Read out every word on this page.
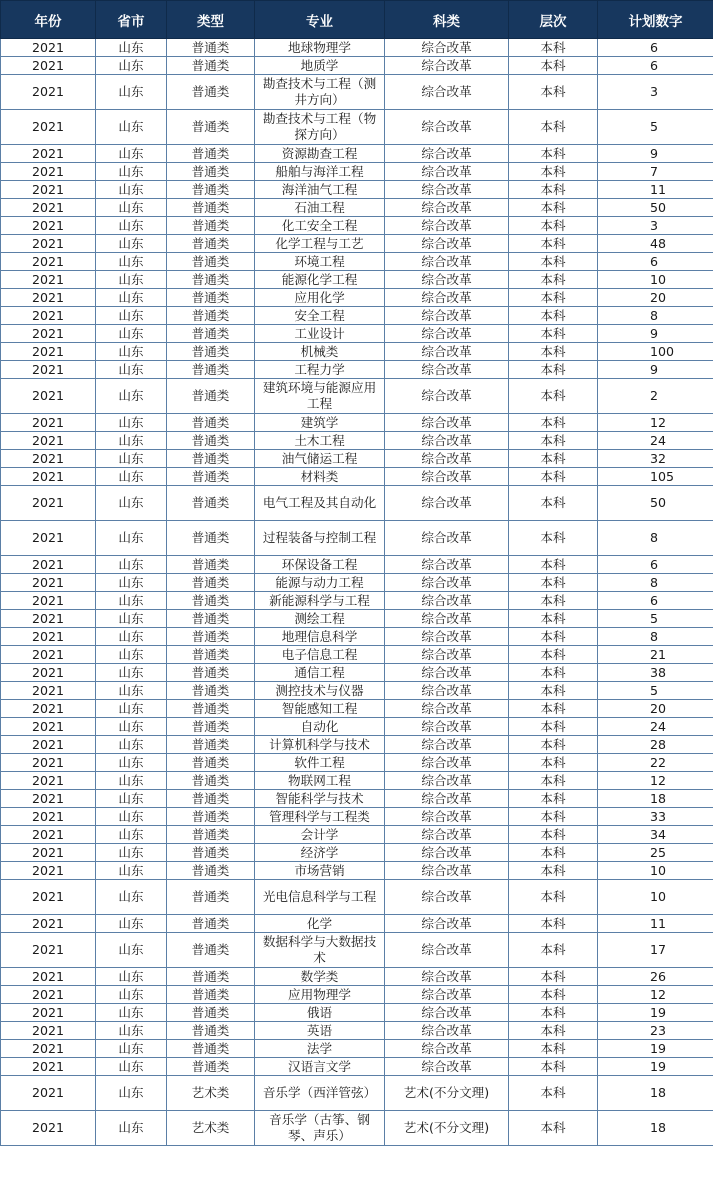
年份	省市	类型	专业	科类	层次	计划数字
2021	山东	普通类	地球物理学	综合改革	本科	6
2021	山东	普通类	地质学	综合改革	本科	6
2021	山东	普通类	勘查技术与工程（测井方向）	综合改革	本科	3
2021	山东	普通类	勘查技术与工程（物探方向）	综合改革	本科	5
2021	山东	普通类	资源勘查工程	综合改革	本科	9
2021	山东	普通类	船舶与海洋工程	综合改革	本科	7
2021	山东	普通类	海洋油气工程	综合改革	本科	11
2021	山东	普通类	石油工程	综合改革	本科	50
2021	山东	普通类	化工安全工程	综合改革	本科	3
2021	山东	普通类	化学工程与工艺	综合改革	本科	48
2021	山东	普通类	环境工程	综合改革	本科	6
2021	山东	普通类	能源化学工程	综合改革	本科	10
2021	山东	普通类	应用化学	综合改革	本科	20
2021	山东	普通类	安全工程	综合改革	本科	8
2021	山东	普通类	工业设计	综合改革	本科	9
2021	山东	普通类	机械类	综合改革	本科	100
2021	山东	普通类	工程力学	综合改革	本科	9
2021	山东	普通类	建筑环境与能源应用工程	综合改革	本科	2
2021	山东	普通类	建筑学	综合改革	本科	12
2021	山东	普通类	土木工程	综合改革	本科	24
2021	山东	普通类	油气储运工程	综合改革	本科	32
2021	山东	普通类	材料类	综合改革	本科	105
2021	山东	普通类	电气工程及其自动化	综合改革	本科	50
2021	山东	普通类	过程装备与控制工程	综合改革	本科	8
2021	山东	普通类	环保设备工程	综合改革	本科	6
2021	山东	普通类	能源与动力工程	综合改革	本科	8
2021	山东	普通类	新能源科学与工程	综合改革	本科	6
2021	山东	普通类	测绘工程	综合改革	本科	5
2021	山东	普通类	地理信息科学	综合改革	本科	8
2021	山东	普通类	电子信息工程	综合改革	本科	21
2021	山东	普通类	通信工程	综合改革	本科	38
2021	山东	普通类	测控技术与仪器	综合改革	本科	5
2021	山东	普通类	智能感知工程	综合改革	本科	20
2021	山东	普通类	自动化	综合改革	本科	24
2021	山东	普通类	计算机科学与技术	综合改革	本科	28
2021	山东	普通类	软件工程	综合改革	本科	22
2021	山东	普通类	物联网工程	综合改革	本科	12
2021	山东	普通类	智能科学与技术	综合改革	本科	18
2021	山东	普通类	管理科学与工程类	综合改革	本科	33
2021	山东	普通类	会计学	综合改革	本科	34
2021	山东	普通类	经济学	综合改革	本科	25
2021	山东	普通类	市场营销	综合改革	本科	10
2021	山东	普通类	光电信息科学与工程	综合改革	本科	10
2021	山东	普通类	化学	综合改革	本科	11
2021	山东	普通类	数据科学与大数据技术	综合改革	本科	17
2021	山东	普通类	数学类	综合改革	本科	26
2021	山东	普通类	应用物理学	综合改革	本科	12
2021	山东	普通类	俄语	综合改革	本科	19
2021	山东	普通类	英语	综合改革	本科	23
2021	山东	普通类	法学	综合改革	本科	19
2021	山东	普通类	汉语言文学	综合改革	本科	19
2021	山东	艺术类	音乐学（西洋管弦）	艺术(不分文理)	本科	18
2021	山东	艺术类	音乐学（古筝、钢琴、声乐）	艺术(不分文理)	本科	18
